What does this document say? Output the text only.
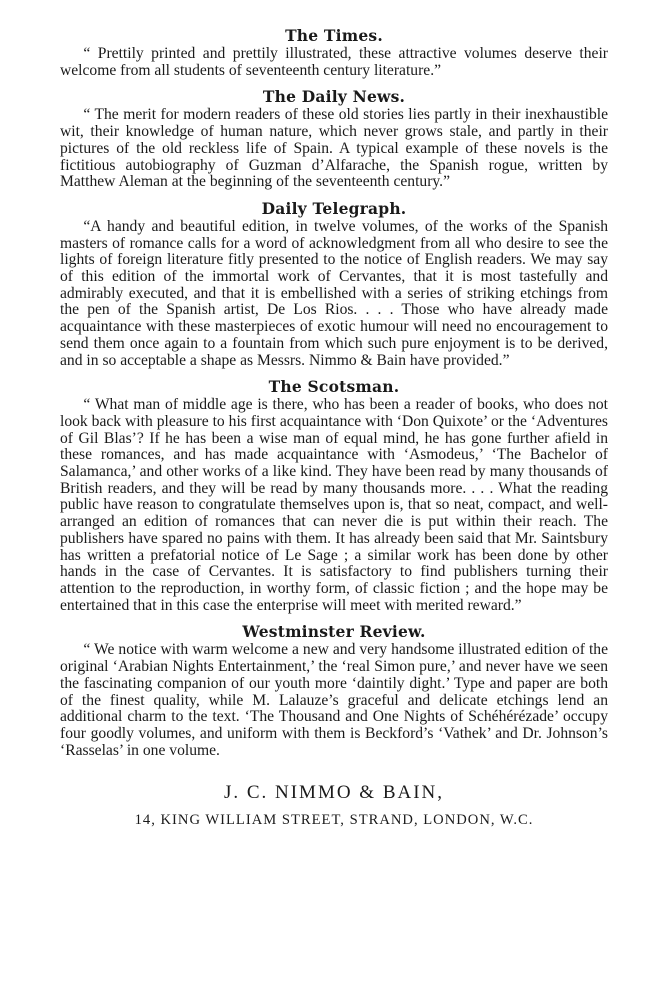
The Times.

“ Prettily printed and prettily illustrated, these attractive volumes deserve their welcome from all students of seventeenth century literature.”

The Daily News.

“ The merit for modern readers of these old stories lies partly in their inexhaustible wit, their knowledge of human nature, which never grows stale, and partly in their pictures of the old reckless life of Spain. A typical example of these novels is the fictitious autobiography of Guzman d’Alfarache, the Spanish rogue, written by Matthew Aleman at the beginning of the seventeenth century.”

Daily Telegraph.

“A handy and beautiful edition, in twelve volumes, of the works of the Spanish masters of romance calls for a word of acknowledgment from all who desire to see the lights of foreign literature fitly presented to the notice of English readers. We may say of this edition of the immortal work of Cervantes, that it is most tastefully and admirably executed, and that it is embellished with a series of striking etchings from the pen of the Spanish artist, De Los Rios. . . . Those who have already made acquaintance with these masterpieces of exotic humour will need no encouragement to send them once again to a fountain from which such pure enjoyment is to be derived, and in so acceptable a shape as Messrs. Nimmo & Bain have provided.”

The Scotsman.

“ What man of middle age is there, who has been a reader of books, who does not look back with pleasure to his first acquaintance with ‘Don Quixote’ or the ‘Adventures of Gil Blas’? If he has been a wise man of equal mind, he has gone further afield in these romances, and has made acquaintance with ‘Asmodeus,’ ‘The Bachelor of Salamanca,’ and other works of a like kind. They have been read by many thousands of British readers, and they will be read by many thousands more. . . . What the reading public have reason to congratulate themselves upon is, that so neat, compact, and well-arranged an edition of romances that can never die is put within their reach. The publishers have spared no pains with them. It has already been said that Mr. Saintsbury has written a prefatorial notice of Le Sage ; a similar work has been done by other hands in the case of Cervantes. It is satisfactory to find publishers turning their attention to the reproduction, in worthy form, of classic fiction ; and the hope may be entertained that in this case the enterprise will meet with merited reward.”

Westminster Review.

“ We notice with warm welcome a new and very handsome illustrated edition of the original ‘Arabian Nights Entertainment,’ the ‘real Simon pure,’ and never have we seen the fascinating companion of our youth more ‘daintily dight.’ Type and paper are both of the finest quality, while M. Lalauze’s graceful and delicate etchings lend an additional charm to the text. ‘The Thousand and One Nights of Schéhérézade’ occupy four goodly volumes, and uniform with them is Beckford’s ‘Vathek’ and Dr. Johnson’s ‘Rasselas’ in one volume.

J. C. NIMMO & BAIN,
14, KING WILLIAM STREET, STRAND, LONDON, W.C.
